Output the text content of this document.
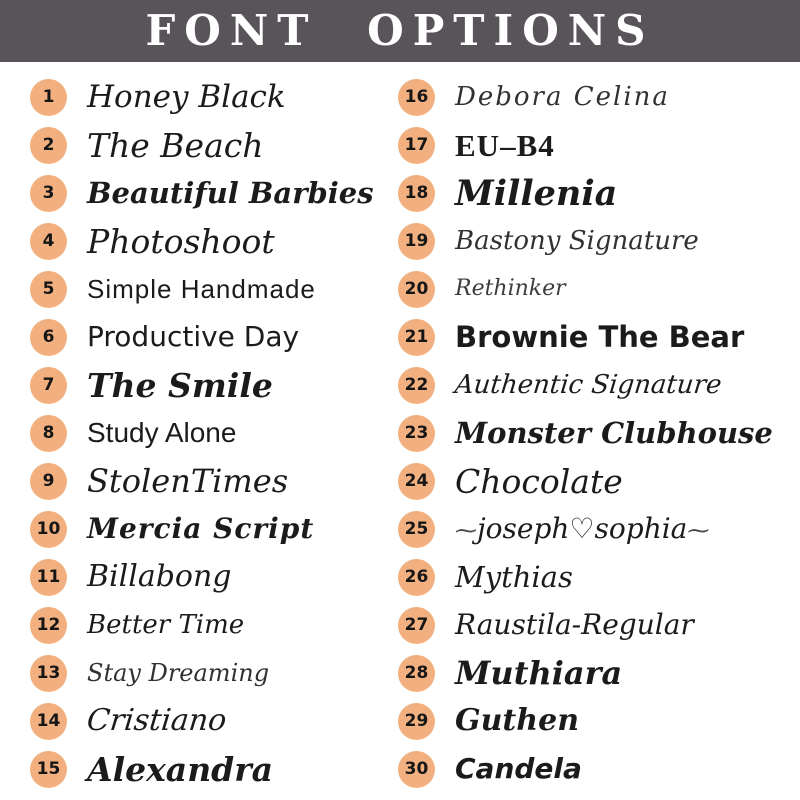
FONT OPTIONS
1	Honey Black
2 The Beach
3	Beautiful Barbies
4 Photoshoot
5	Simple Handmade
6	Productive Day
7 The Smile
8	Study Alone
9	StolenTimes
10 Mercia Script
11 Billabong
12 Better Time
13 Stay Dreaming
14 Cristiano
15 Alexandra
16 Debora Celina
17 EU–B4
18 Millenia
19 Bastony Signature
20	Rethinker
21 Brownie The Bear
22 Authentic Signature
23 Monster Clubhouse
24 Chocolate
25	⁓ joseph♡sophia ⁓
26 Mythias
27 Raustila-Regular
28 Muthiara
29 Guthen
30 Candela
